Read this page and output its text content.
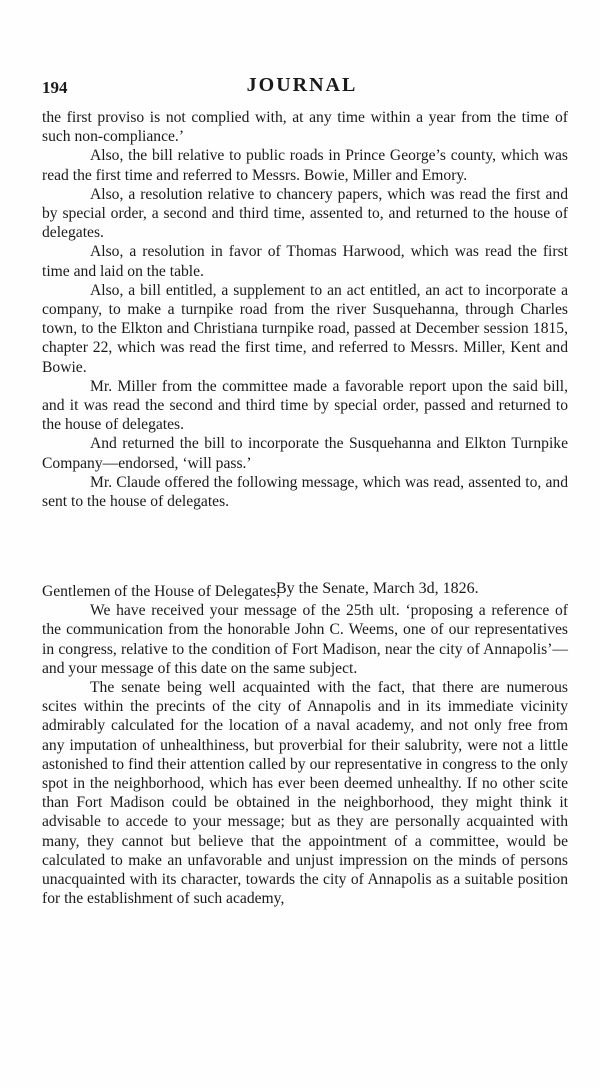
194	JOURNAL

the first proviso is not complied with, at any time within a year from the time of such non-compliance.’

Also, the bill relative to public roads in Prince George’s county, which was read the first time and referred to Messrs. Bowie, Miller and Emory.

Also, a resolution relative to chancery papers, which was read the first and by special order, a second and third time, assented to, and returned to the house of delegates.

Also, a resolution in favor of Thomas Harwood, which was read the first time and laid on the table.

Also, a bill entitled, a supplement to an act entitled, an act to incorporate a company, to make a turnpike road from the river Susquehanna, through Charles town, to the Elkton and Christiana turnpike road, passed at December session 1815, chapter 22, which was read the first time, and referred to Messrs. Miller, Kent and Bowie.

Mr. Miller from the committee made a favorable report upon the said bill, and it was read the second and third time by special order, passed and returned to the house of delegates.

And returned the bill to incorporate the Susquehanna and Elkton Turnpike Company—endorsed, ‘will pass.’

Mr. Claude offered the following message, which was read, assented to, and sent to the house of delegates.

By the Senate, March 3d, 1826.

Gentlemen of the House of Delegates,

We have received your message of the 25th ult. ‘proposing a reference of the communication from the honorable John C. Weems, one of our representatives in congress, relative to the condition of Fort Madison, near the city of Annapolis’—and your message of this date on the same subject.

The senate being well acquainted with the fact, that there are numerous scites within the precints of the city of Annapolis and in its immediate vicinity admirably calculated for the location of a naval academy, and not only free from any imputation of unhealthiness, but proverbial for their salubrity, were not a little astonished to find their attention called by our representative in congress to the only spot in the neighborhood, which has ever been deemed unhealthy. If no other scite than Fort Madison could be obtained in the neighborhood, they might think it advisable to accede to your message; but as they are personally acquainted with many, they cannot but believe that the appointment of a committee, would be calculated to make an unfavorable and unjust impression on the minds of persons unacquainted with its character, towards the city of Annapolis as a suitable position for the establishment of such academy,
